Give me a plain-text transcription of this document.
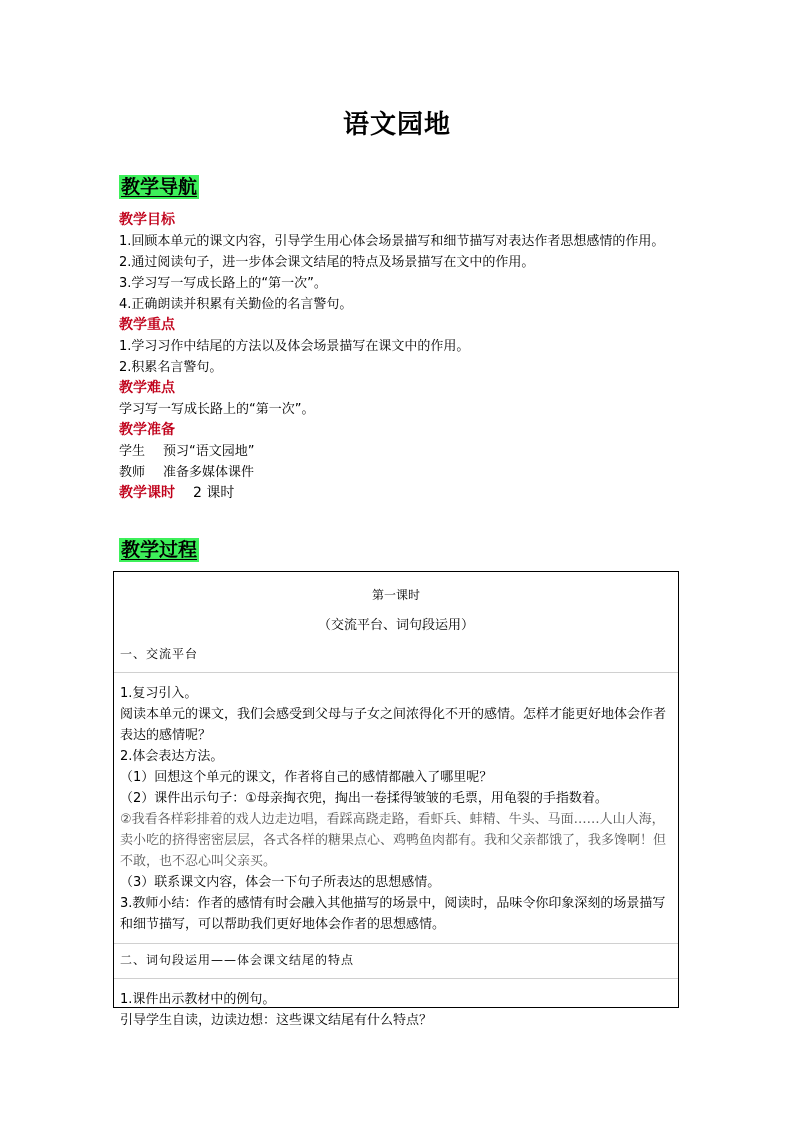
语文园地
教学导航
教学目标

1.回顾本单元的课文内容，引导学生用心体会场景描写和细节描写对表达作者思想感情的作用。

2.通过阅读句子，进一步体会课文结尾的特点及场景描写在文中的作用。

3.学习写一写成长路上的“第一次”。

4.正确朗读并积累有关勤俭的名言警句。

教学重点

1.学习习作中结尾的方法以及体会场景描写在课文中的作用。

2.积累名言警句。

教学难点

学习写一写成长路上的“第一次”。

教学准备

学生 预习“语文园地”

教师 准备多媒体课件

教学课时 2 课时
教学过程
第一课时
（交流平台、词句段运用）
一、交流平台

1.复习引入。

阅读本单元的课文，我们会感受到父母与子女之间浓得化不开的感情。怎样才能更好地体会作者表达的感情呢？

2.体会表达方法。

（1）回想这个单元的课文，作者将自己的感情都融入了哪里呢？

（2）课件出示句子：①母亲掏衣兜，掏出一卷揉得皱皱的毛票，用龟裂的手指数着。

②我看各样彩排着的戏人边走边唱，看踩高跷走路，看虾兵、蚌精、牛头、马面……人山人海，卖小吃的挤得密密层层，各式各样的糖果点心、鸡鸭鱼肉都有。我和父亲都饿了，我多馋啊！但不敢，也不忍心叫父亲买。

（3）联系课文内容，体会一下句子所表达的思想感情。

3.教师小结：作者的感情有时会融入其他描写的场景中，阅读时，品味令你印象深刻的场景描写和细节描写，可以帮助我们更好地体会作者的思想感情。

二、词句段运用——体会课文结尾的特点

1.课件出示教材中的例句。

引导学生自读，边读边想：这些课文结尾有什么特点？
